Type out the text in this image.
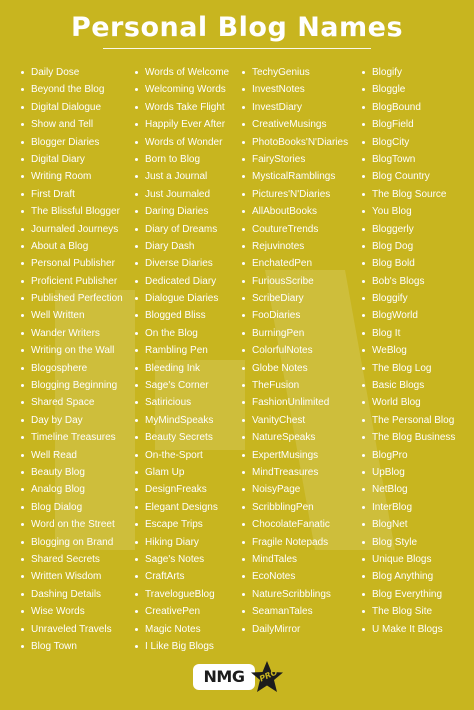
Personal Blog Names
Daily Dose
Beyond the Blog
Digital Dialogue
Show and Tell
Blogger Diaries
Digital Diary
Writing Room
First Draft
The Blissful Blogger
Journaled Journeys
About a Blog
Personal Publisher
Proficient Publisher
Published Perfection
Well Written
Wander Writers
Writing on the Wall
Blogosphere
Blogging Beginning
Shared Space
Day by Day
Timeline Treasures
Well Read
Beauty Blog
Analog Blog
Blog Dialog
Word on the Street
Blogging on Brand
Shared Secrets
Written Wisdom
Dashing Details
Wise Words
Unraveled Travels
Blog Town
Words of Welcome
Welcoming Words
Words Take Flight
Happily Ever After
Words of Wonder
Born to Blog
Just a Journal
Just Journaled
Daring Diaries
Diary of Dreams
Diary Dash
Diverse Diaries
Dedicated Diary
Dialogue Diaries
Blogged Bliss
On the Blog
Rambling Pen
Bleeding Ink
Sage's Corner
Satiricious
MyMindSpeaks
Beauty Secrets
On-the-Sport
Glam Up
DesignFreaks
Elegant Designs
Escape Trips
Hiking Diary
Sage's Notes
CraftArts
TravelogueBlog
CreativePen
Magic Notes
I Like Big Blogs
TechyGenius
InvestNotes
InvestDiary
CreativeMusings
PhotoBooks'N'Diaries
FairyStories
MysticalRamblings
Pictures'N'Diaries
AllAboutBooks
CoutureTrends
Rejuvinotes
EnchatedPen
FuriousScribe
ScribeDiary
FooDiaries
BurningPen
ColorfulNotes
Globe Notes
TheFusion
FashionUnlimited
VanityChest
NatureSpeaks
ExpertMusings
MindTreasures
NoisyPage
ScribblingPen
ChocolateFanatic
Fragile Notepads
MindTales
EcoNotes
NatureScribblings
SeamanTales
DailyMirror
Blogify
Bloggle
BlogBound
BlogField
BlogCity
BlogTown
Blog Country
The Blog Source
You Blog
Bloggerly
Blog Dog
Blog Bold
Bob's Blogs
Bloggify
BlogWorld
Blog It
WeBlog
The Blog Log
Basic Blogs
World Blog
The Personal Blog
The Blog Business
BlogPro
UpBlog
NetBlog
InterBlog
BlogNet
Blog Style
Unique Blogs
Blog Anything
Blog Everything
The Blog Site
U Make It Blogs
NMG	PRO
